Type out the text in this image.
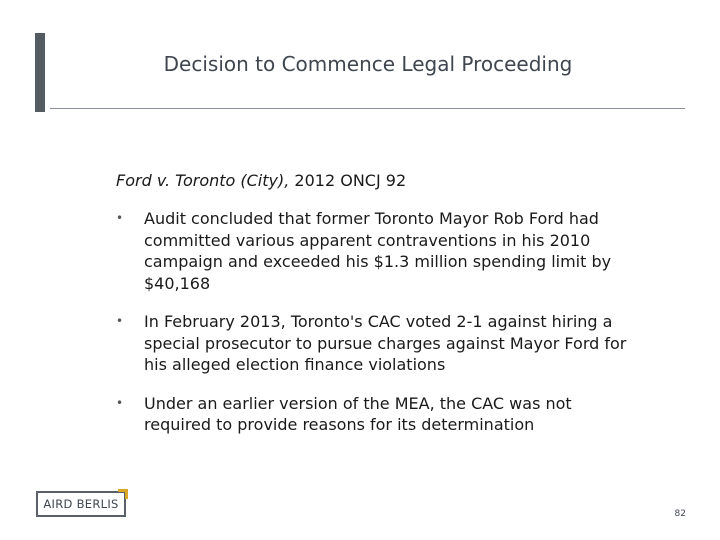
Decision to Commence Legal Proceeding
Ford v. Toronto (City), 2012 ONCJ 92
• Audit concluded that former Toronto Mayor Rob Ford had committed various apparent contraventions in his 2010 campaign and exceeded his $1.3 million spending limit by $40,168
• In February 2013, Toronto's CAC voted 2-1 against hiring a special prosecutor to pursue charges against Mayor Ford for his alleged election finance violations
• Under an earlier version of the MEA, the CAC was not required to provide reasons for its determination
AIRD BERLIS
82
